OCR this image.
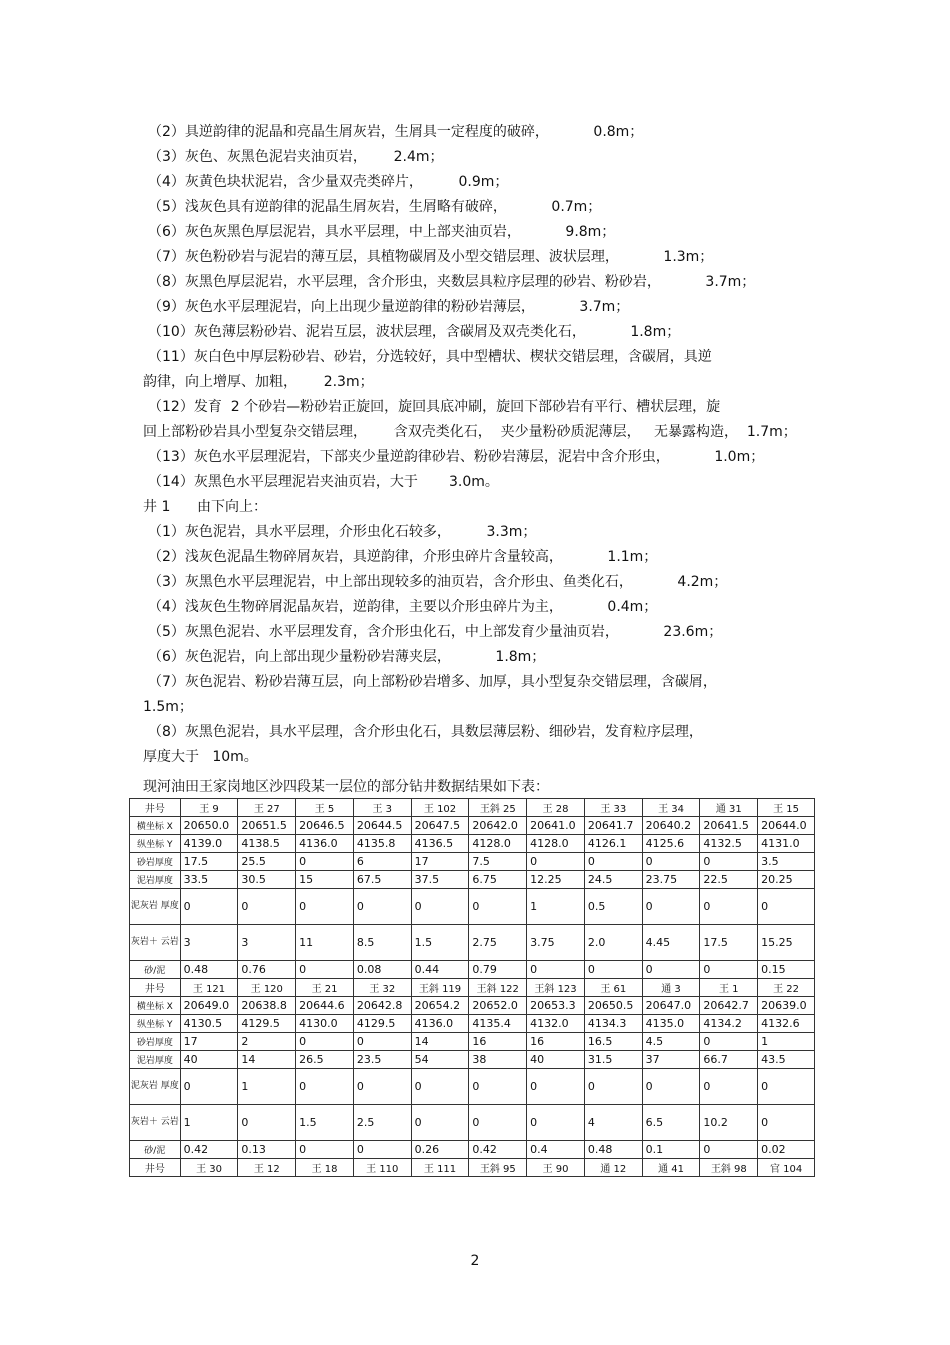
（2）具逆韵律的泥晶和亮晶生屑灰岩，生屑具一定程度的破碎，          0.8m；
（3）灰色、灰黑色泥岩夹油页岩，      2.4m；
（4）灰黄色块状泥岩，含少量双壳类碎片，        0.9m；
（5）浅灰色具有逆韵律的泥晶生屑灰岩，生屑略有破碎，          0.7m；
（6）灰色灰黑色厚层泥岩，具水平层理，中上部夹油页岩，          9.8m；
（7）灰色粉砂岩与泥岩的薄互层，具植物碳屑及小型交错层理、波状层理，          1.3m；
（8）灰黑色厚层泥岩，水平层理，含介形虫，夹数层具粒序层理的砂岩、粉砂岩，          3.7m；
（9）灰色水平层理泥岩，向上出现少量逆韵律的粉砂岩薄层，          3.7m；
（10）灰色薄层粉砂岩、泥岩互层，波状层理，含碳屑及双壳类化石，          1.8m；
（11）灰白色中厚层粉砂岩、砂岩，分选较好，具中型槽状、楔状交错层理，含碳屑，具逆
韵律，向上增厚、加粗，      2.3m；
（12）发育  2 个砂岩—粉砂岩正旋回，旋回具底冲刷，旋回下部砂岩有平行、槽状层理，旋
回上部粉砂岩具小型复杂交错层理，      含双壳类化石，  夹少量粉砂质泥薄层，   无暴露构造，  1.7m；
（13）灰色水平层理泥岩，下部夹少量逆韵律砂岩、粉砂岩薄层，泥岩中含介形虫，          1.0m；
（14）灰黑色水平层理泥岩夹油页岩，大于       3.0m。
井 1      由下向上：
（1）灰色泥岩，具水平层理，介形虫化石较多，        3.3m；
（2）浅灰色泥晶生物碎屑灰岩，具逆韵律，介形虫碎片含量较高，          1.1m；
（3）灰黑色水平层理泥岩，中上部出现较多的油页岩，含介形虫、鱼类化石，          4.2m；
（4）浅灰色生物碎屑泥晶灰岩，逆韵律，主要以介形虫碎片为主，          0.4m；
（5）灰黑色泥岩、水平层理发育，含介形虫化石，中上部发育少量油页岩，          23.6m；
（6）灰色泥岩，向上部出现少量粉砂岩薄夹层，          1.8m；
（7）灰色泥岩、粉砂岩薄互层，向上部粉砂岩增多、加厚，具小型复杂交错层理，含碳屑，
1.5m；
（8）灰黑色泥岩，具水平层理，含介形虫化石，具数层薄层粉、细砂岩，发育粒序层理，
厚度大于   10m。
现河油田王家岗地区沙四段某一层位的部分钻井数据结果如下表：
井号	王 9	王 27	王 5	王 3	王 102	王斜 25	王 28	王 33	王 34	通 31	王 15
横坐标 X	20650.0	20651.5	20646.5	20644.5	20647.5	20642.0	20641.0	20641.7	20640.2	20641.5	20644.0
纵坐标 Y	4139.0	4138.5	4136.0	4135.8	4136.5	4128.0	4128.0	4126.1	4125.6	4132.5	4131.0
砂岩厚度	17.5	25.5	0	6	17	7.5	0	0	0	0	3.5
泥岩厚度	33.5	30.5	15	67.5	37.5	6.75	12.25	24.5	23.75	22.5	20.25
泥灰岩 厚度	0	0	0	0	0	0	1	0.5	0	0	0
灰岩＋ 云岩	3	3	11	8.5	1.5	2.75	3.75	2.0	4.45	17.5	15.25
砂/泥	0.48	0.76	0	0.08	0.44	0.79	0	0	0	0	0.15
井号	王 121	王 120	王 21	王 32	王斜 119	王斜 122	王斜 123	王 61	通 3	王 1	王 22
横坐标 X	20649.0	20638.8	20644.6	20642.8	20654.2	20652.0	20653.3	20650.5	20647.0	20642.7	20639.0
纵坐标 Y	4130.5	4129.5	4130.0	4129.5	4136.0	4135.4	4132.0	4134.3	4135.0	4134.2	4132.6
砂岩厚度	17	2	0	0	14	16	16	16.5	4.5	0	1
泥岩厚度	40	14	26.5	23.5	54	38	40	31.5	37	66.7	43.5
泥灰岩 厚度	0	1	0	0	0	0	0	0	0	0	0
灰岩＋ 云岩	1	0	1.5	2.5	0	0	0	4	6.5	10.2	0
砂/泥	0.42	0.13	0	0	0.26	0.42	0.4	0.48	0.1	0	0.02
井号	王 30	王 12	王 18	王 110	王 111	王斜 95	王 90	通 12	通 41	王斜 98	官 104
2
